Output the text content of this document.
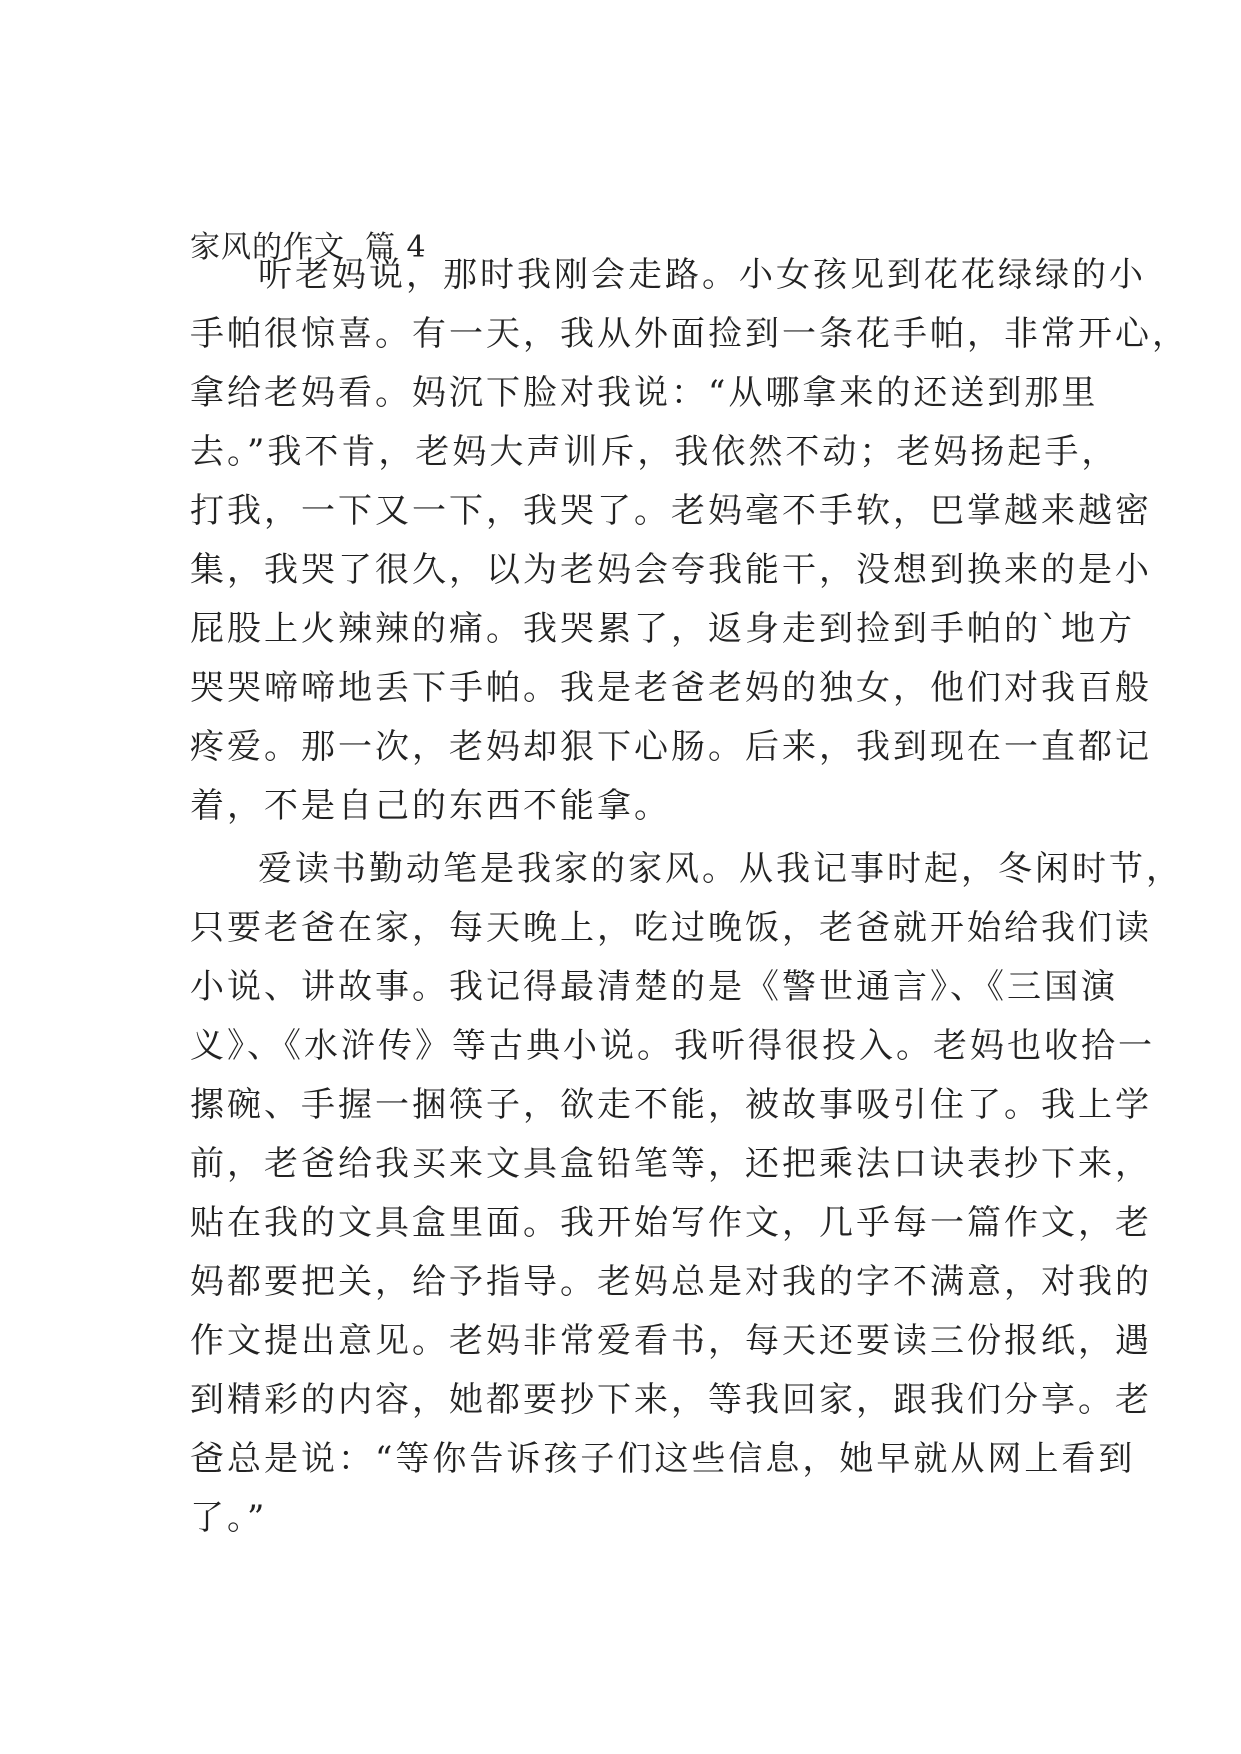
家风的作文 篇 4
听老妈说，那时我刚会走路。小女孩见到花花绿绿的小
手帕很惊喜。有一天，我从外面捡到一条花手帕，非常开心，
拿给老妈看。妈沉下脸对我说：“从哪拿来的还送到那里
去。”我不肯，老妈大声训斥，我依然不动；老妈扬起手，
打我，一下又一下，我哭了。老妈毫不手软，巴掌越来越密
集，我哭了很久，以为老妈会夸我能干，没想到换来的是小
屁股上火辣辣的痛。我哭累了，返身走到捡到手帕的`地方
哭哭啼啼地丢下手帕。我是老爸老妈的独女，他们对我百般
疼爱。那一次，老妈却狠下心肠。后来，我到现在一直都记
着，不是自己的东西不能拿。
爱读书勤动笔是我家的家风。从我记事时起，冬闲时节，
只要老爸在家，每天晚上，吃过晚饭，老爸就开始给我们读
小说、讲故事。我记得最清楚的是《警世通言》、《三国演
义》、《水浒传》等古典小说。我听得很投入。老妈也收拾一
摞碗、手握一捆筷子，欲走不能，被故事吸引住了。我上学
前，老爸给我买来文具盒铅笔等，还把乘法口诀表抄下来，
贴在我的文具盒里面。我开始写作文，几乎每一篇作文，老
妈都要把关，给予指导。老妈总是对我的字不满意，对我的
作文提出意见。老妈非常爱看书，每天还要读三份报纸，遇
到精彩的内容，她都要抄下来，等我回家，跟我们分享。老
爸总是说：“等你告诉孩子们这些信息，她早就从网上看到
了。”
